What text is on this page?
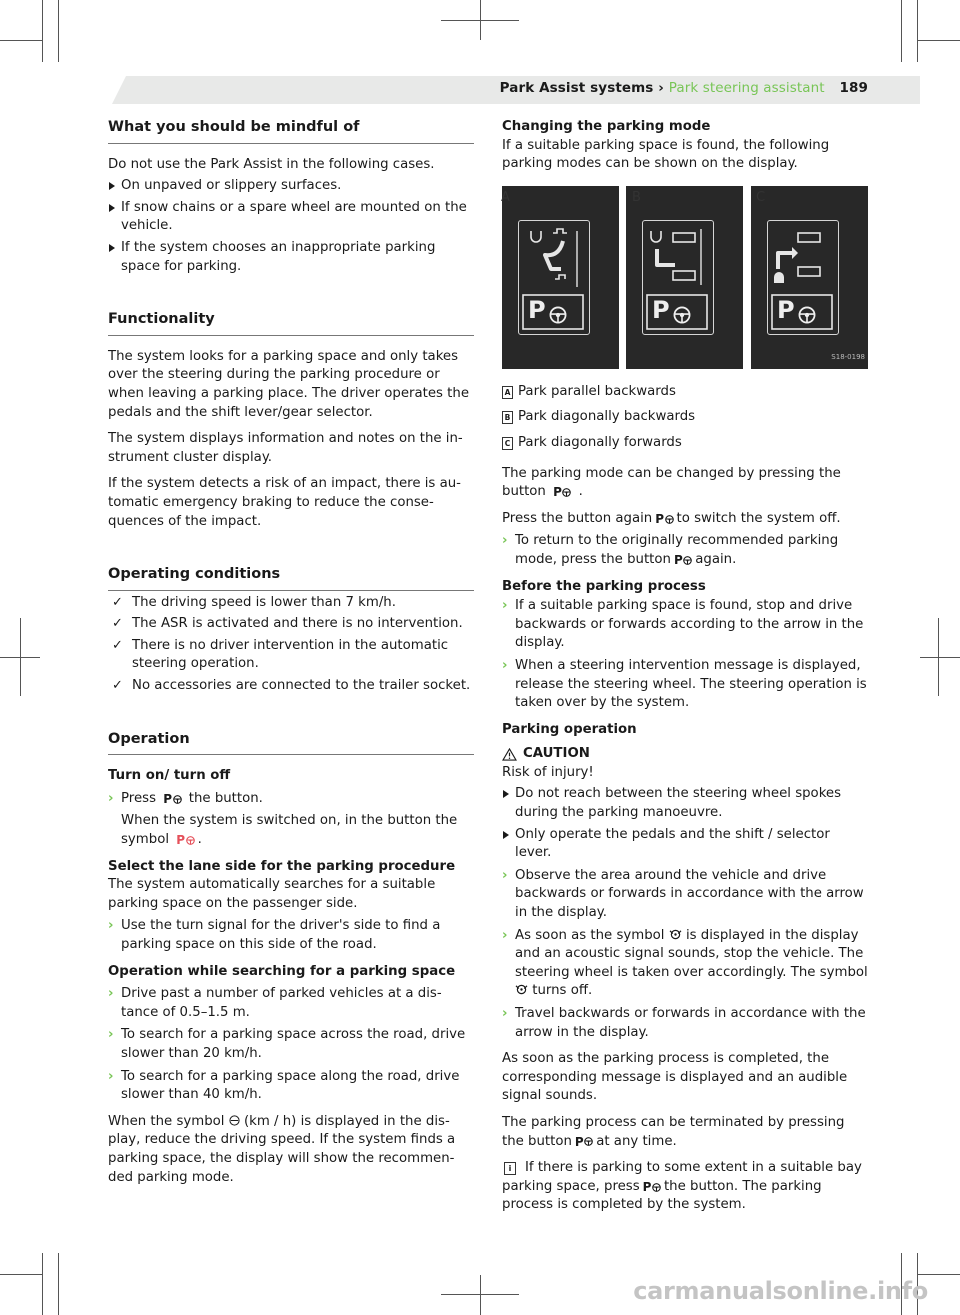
Park Assist systems › Park steering assistant 189
What you should be mindful of

Do not use the Park Assist in the following cases.

On unpaved or slippery surfaces.
If snow chains or a spare wheel are mounted on the vehicle.
If the system chooses an inappropriate parking space for parking.
Functionality

The system looks for a parking space and only takes over the steering during the parking procedure or when leaving a parking place. The driver operates the pedals and the shift lever/gear selector.

The system displays information and notes on the instrument cluster display.

If the system detects a risk of an impact, there is automatic emergency braking to reduce the consequences of the impact.

Operating conditions
✓ The driving speed is lower than 7 km/h.
✓ The ASR is activated and there is no intervention.
✓ There is no driver intervention in the automatic steering operation.
✓ No accessories are connected to the trailer socket.
Operation

Turn on/ turn off

› Press P the button.
When the system is switched on, in the button the symbol P .

Select the lane side for the parking procedure

The system automatically searches for a suitable parking space on the passenger side.

› Use the turn signal for the driver's side to find a parking space on this side of the road.

Operation while searching for a parking space

› Drive past a number of parked vehicles at a distance of 0.5–1.5 m.
› To search for a parking space across the road, drive slower than 20 km/h.
› To search for a parking space along the road, drive slower than 40 km/h.

When the symbol (km / h) is displayed in the display, reduce the driving speed. If the system finds a parking space, the display will show the recommended parking mode.

Changing the parking mode

If a suitable parking space is found, the following parking modes can be shown on the display.

P
A
P
B
P
S18-0198
C

A Park parallel backwards

B Park diagonally backwards

C Park diagonally forwards

The parking mode can be changed by pressing the button P .

Press the button again P to switch the system off.

› To return to the originally recommended parking mode, press the button P again.

Before the parking process

› If a suitable parking space is found, stop and drive backwards or forwards according to the arrow in the display.
› When a steering intervention message is displayed, release the steering wheel. The steering operation is taken over by the system.

Parking operation

CAUTION

Risk of injury!

Do not reach between the steering wheel spokes during the parking manoeuvre.
Only operate the pedals and the shift / selector lever.
› Observe the area around the vehicle and drive backwards or forwards in accordance with the arrow in the display.
› As soon as the symbol is displayed in the display and an acoustic signal sounds, stop the vehicle. The steering wheel is taken over accordingly. The symbol  turns off.
› Travel backwards or forwards in accordance with the arrow in the display.

As soon as the parking process is completed, the corresponding message is displayed and an audible signal sounds.

The parking process can be terminated by pressing the button P at any time.

i If there is parking to some extent in a suitable bay parking space, press P the button. The parking process is completed by the system.

carmanualsonline.info
